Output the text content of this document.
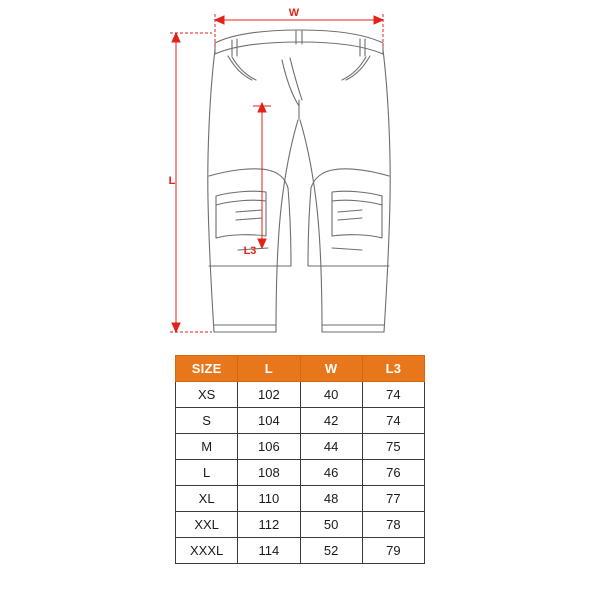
W
L
L3
SIZE	L	W	L3
XS	102	40	74
S	104	42	74
M	106	44	75
L	108	46	76
XL	110	48	77
XXL	112	50	78
XXXL	114	52	79
